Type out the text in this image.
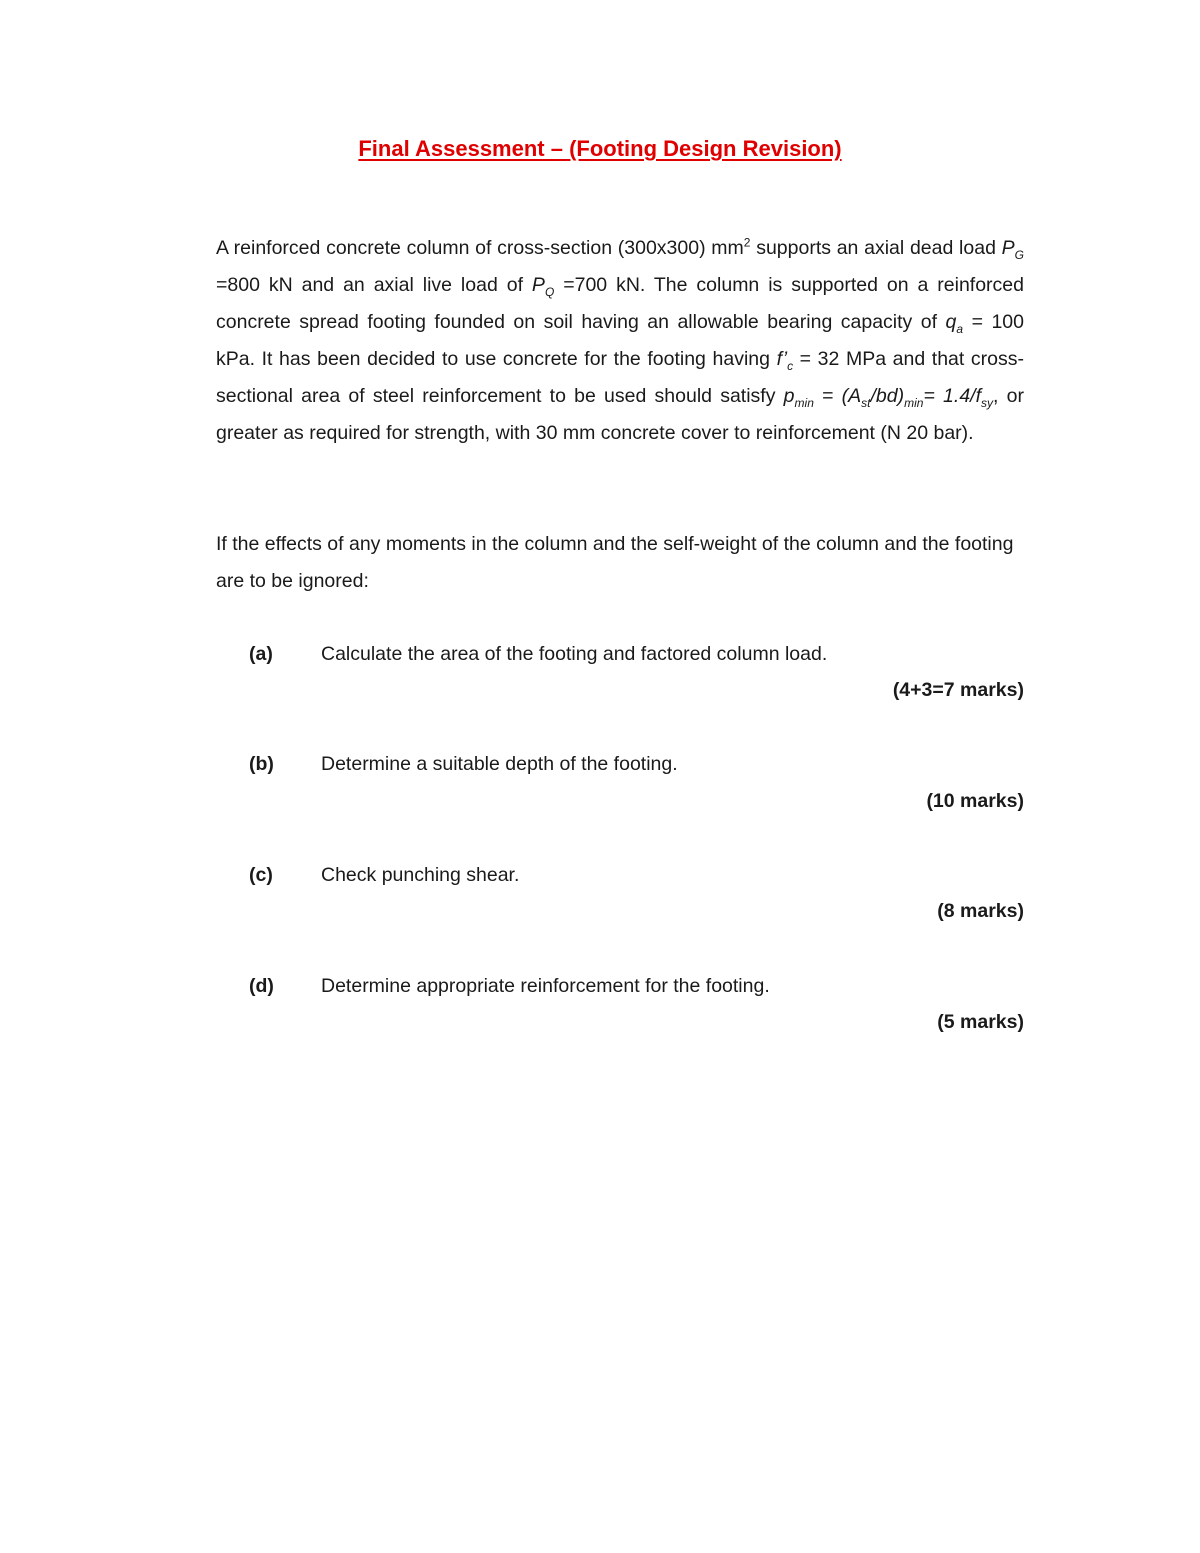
Final Assessment – (Footing Design Revision)
A reinforced concrete column of cross-section (300x300) $mm^2$ supports an axial dead load $P_G =800$ kN and an axial live load of $P_Q =700$ kN. The column is supported on a reinforced concrete spread footing founded on soil having an allowable bearing capacity of $q_a = 100$ kPa. It has been decided to use concrete for the footing having $f’_c = 32$ MPa and that cross-sectional area of steel reinforcement to be used should satisfy $p_{min} = (A_{st}/bd)_{min}= 1.4/f_{sy}$, or greater as required for strength, with 30 mm concrete cover to reinforcement (N 20 bar).
If the effects of any moments in the column and the self-weight of the column and the footing are to be ignored:
(a) Calculate the area of the footing and factored column load.
(4+3=7 marks)
(b) Determine a suitable depth of the footing.
(10 marks)
(c) Check punching shear.
(8 marks)
(d) Determine appropriate reinforcement for the footing.
(5 marks)
